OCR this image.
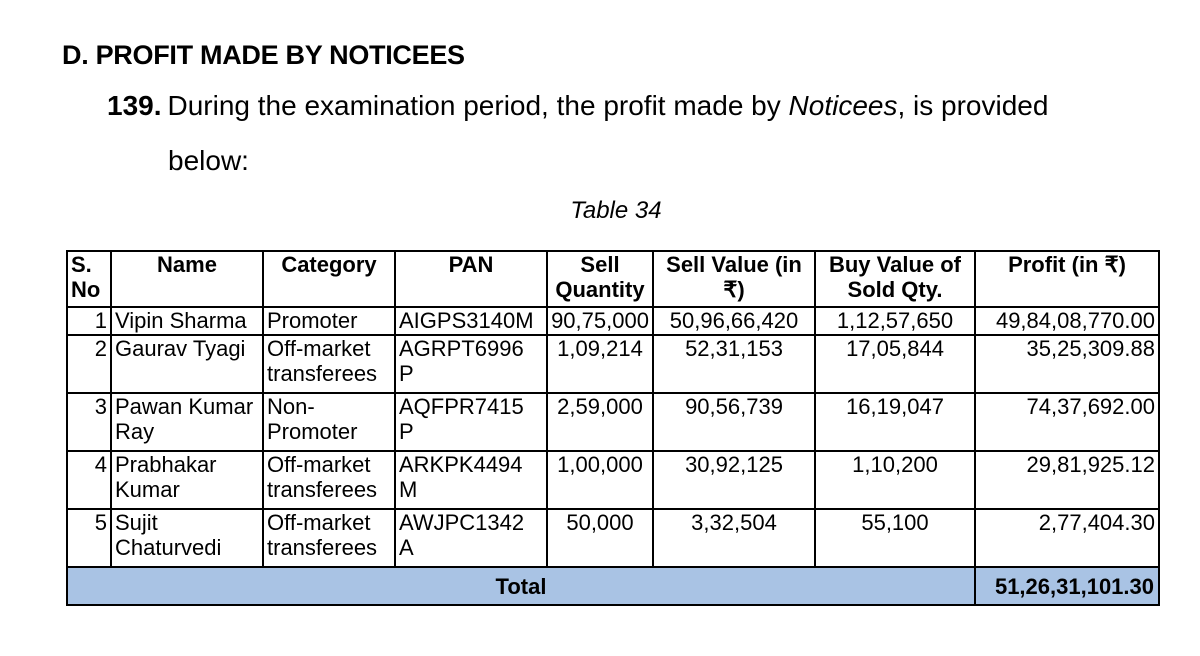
D. PROFIT MADE BY NOTICEES
139. During the examination period, the profit made by Noticees, is provided
below:
Table 34
S. No	Name	Category	PAN	Sell Quantity	Sell Value (in ₹)	Buy Value of Sold Qty.	Profit (in ₹)
1	Vipin Sharma	Promoter	AIGPS3140M	90,75,000	50,96,66,420	1,12,57,650	49,84,08,770.00
2	Gaurav Tyagi	Off-market transferees	AGRPT6996 P	1,09,214	52,31,153	17,05,844	35,25,309.88
3	Pawan Kumar Ray	Non-Promoter	AQFPR7415 P	2,59,000	90,56,739	16,19,047	74,37,692.00
4	Prabhakar Kumar	Off-market transferees	ARKPK4494 M	1,00,000	30,92,125	1,10,200	29,81,925.12
5	Sujit Chaturvedi	Off-market transferees	AWJPC1342 A	50,000	3,32,504	55,100	2,77,404.30
Total							51,26,31,101.30
